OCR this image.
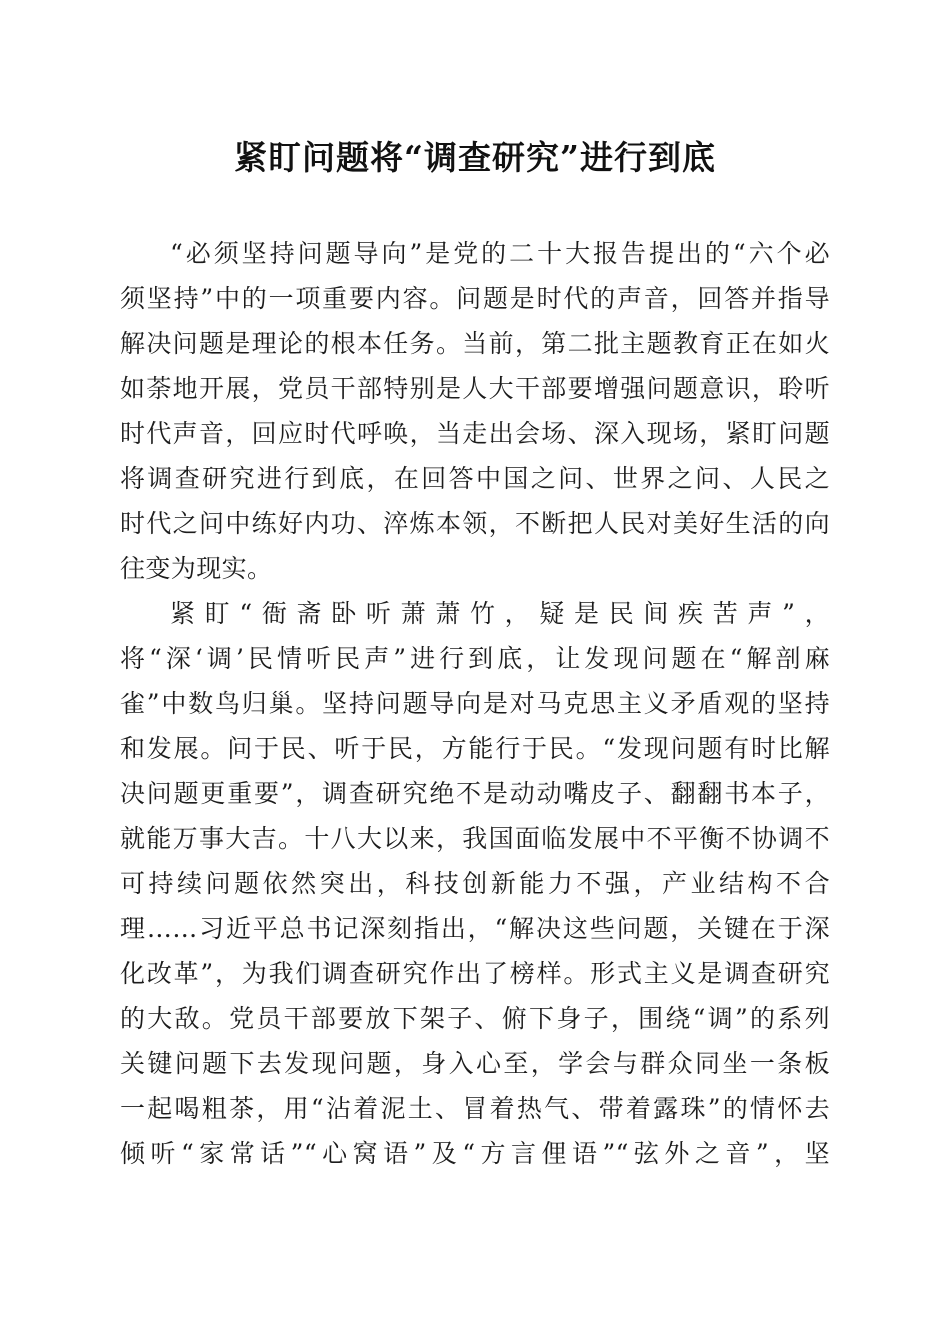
紧盯问题将“调查研究”进行到底
“必须坚持问题导向”是党的二十大报告提出的“六个必
须坚持”中的一项重要内容。问题是时代的声音，回答并指导
解决问题是理论的根本任务。当前，第二批主题教育正在如火
如荼地开展，党员干部特别是人大干部要增强问题意识，聆听
时代声音，回应时代呼唤，当走出会场、深入现场，紧盯问题
将调查研究进行到底，在回答中国之问、世界之问、人民之
时代之问中练好内功、淬炼本领，不断把人民对美好生活的向
往变为现实。
紧盯“衙斋卧听萧萧竹，疑是民间疾苦声”，
将“深‘调’民情听民声”进行到底，让发现问题在“解剖麻
雀”中数鸟归巢。坚持问题导向是对马克思主义矛盾观的坚持
和发展。问于民、听于民，方能行于民。“发现问题有时比解
决问题更重要”，调查研究绝不是动动嘴皮子、翻翻书本子，
就能万事大吉。十八大以来，我国面临发展中不平衡不协调不
可持续问题依然突出，科技创新能力不强，产业结构不合
理……习近平总书记深刻指出，“解决这些问题，关键在于深
化改革”，为我们调查研究作出了榜样。形式主义是调查研究
的大敌。党员干部要放下架子、俯下身子，围绕“调”的系列
关键问题下去发现问题，身入心至，学会与群众同坐一条板
一起喝粗茶，用“沾着泥土、冒着热气、带着露珠”的情怀去
倾听“家常话”“心窝语”及“方言俚语”“弦外之音”，坚
